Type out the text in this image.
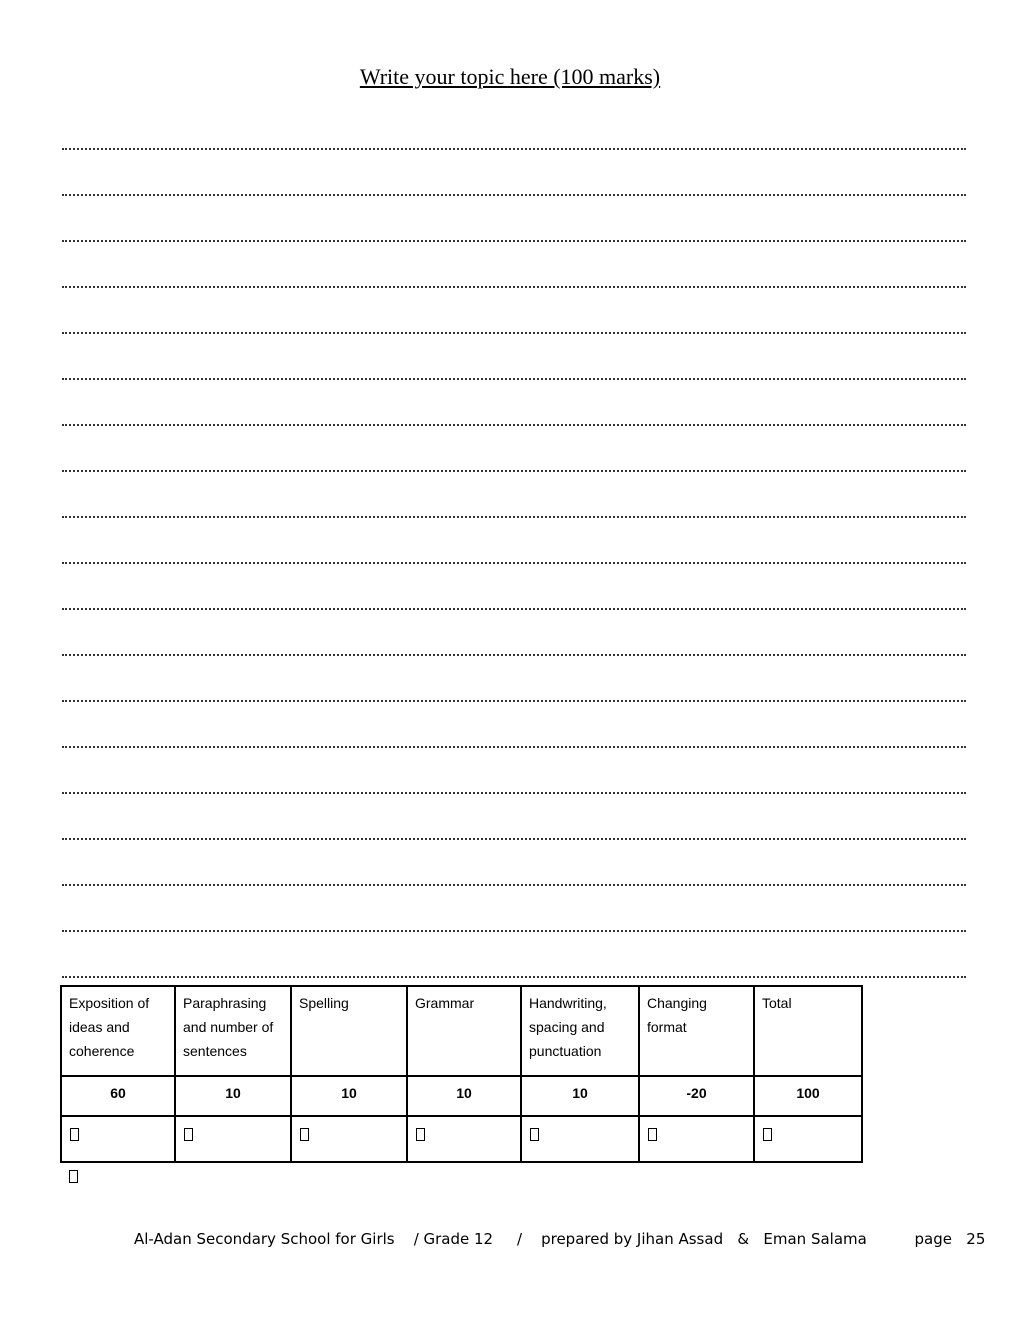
Write your topic here (100 marks)
Exposition of ideas and coherence	Paraphrasing and number of sentences	Spelling	Grammar	Handwriting, spacing and punctuation	Changing format	Total
60	10	10	10	10	-20	100

Al-Adan Secondary School for Girls / Grade 12 / prepared by Jihan Assad   &   Eman Salama	page 25
